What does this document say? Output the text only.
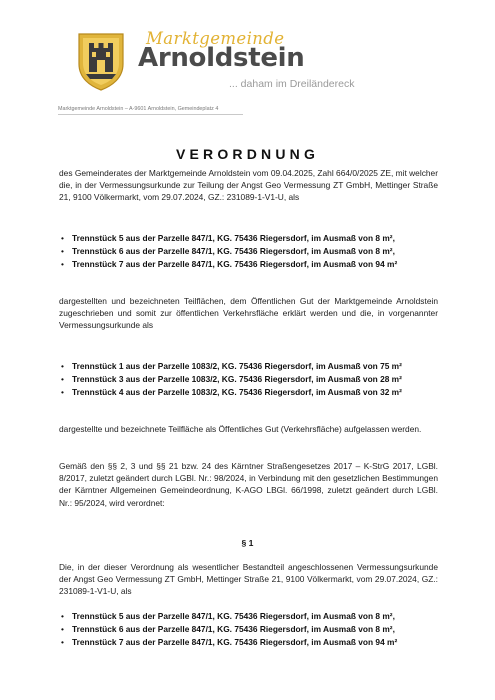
Marktgemeinde
Arnoldstein
... daham im Dreiländereck
Marktgemeinde Arnoldstein – A-9601 Arnoldstein, Gemeindeplatz 4
VERORDNUNG
des Gemeinderates der Marktgemeinde Arnoldstein vom 09.04.2025, Zahl 664/0/2025 ZE, mit welcher die, in der Vermessungsurkunde zur Teilung der Angst Geo Vermessung ZT GmbH, Mettinger Straße 21, 9100 Völkermarkt, vom 29.07.2024, GZ.: 231089-1-V1-U, als
• Trennstück 5 aus der Parzelle 847/1, KG. 75436 Riegersdorf, im Ausmaß von 8 m²,
• Trennstück 6 aus der Parzelle 847/1, KG. 75436 Riegersdorf, im Ausmaß von 8 m²,
• Trennstück 7 aus der Parzelle 847/1, KG. 75436 Riegersdorf, im Ausmaß von 94 m²
dargestellten und bezeichneten Teilflächen, dem Öffentlichen Gut der Marktgemeinde Arnoldstein zugeschrieben und somit zur öffentlichen Verkehrsfläche erklärt werden und die, in vorgenannter Vermessungsurkunde als
• Trennstück 1 aus der Parzelle 1083/2, KG. 75436 Riegersdorf, im Ausmaß von 75 m²
• Trennstück 3 aus der Parzelle 1083/2, KG. 75436 Riegersdorf, im Ausmaß von 28 m²
• Trennstück 4 aus der Parzelle 1083/2, KG. 75436 Riegersdorf, im Ausmaß von 32 m²
dargestellte und bezeichnete Teilfläche als Öffentliches Gut (Verkehrsfläche) aufgelassen werden.
Gemäß den §§ 2, 3 und §§ 21 bzw. 24 des Kärntner Straßengesetzes 2017 – K-StrG 2017, LGBl. 8/2017, zuletzt geändert durch LGBl. Nr.: 98/2024, in Verbindung mit den gesetzlichen Bestimmungen der Kärntner Allgemeinen Gemeindeordnung, K-AGO LBGl. 66/1998, zuletzt geändert durch LGBl. Nr.: 95/2024, wird verordnet:
§ 1
Die, in der dieser Verordnung als wesentlicher Bestandteil angeschlossenen Vermessungsurkunde der Angst Geo Vermessung ZT GmbH, Mettinger Straße 21, 9100 Völkermarkt, vom 29.07.2024, GZ.: 231089-1-V1-U, als
• Trennstück 5 aus der Parzelle 847/1, KG. 75436 Riegersdorf, im Ausmaß von 8 m²,
• Trennstück 6 aus der Parzelle 847/1, KG. 75436 Riegersdorf, im Ausmaß von 8 m²,
• Trennstück 7 aus der Parzelle 847/1, KG. 75436 Riegersdorf, im Ausmaß von 94 m²
